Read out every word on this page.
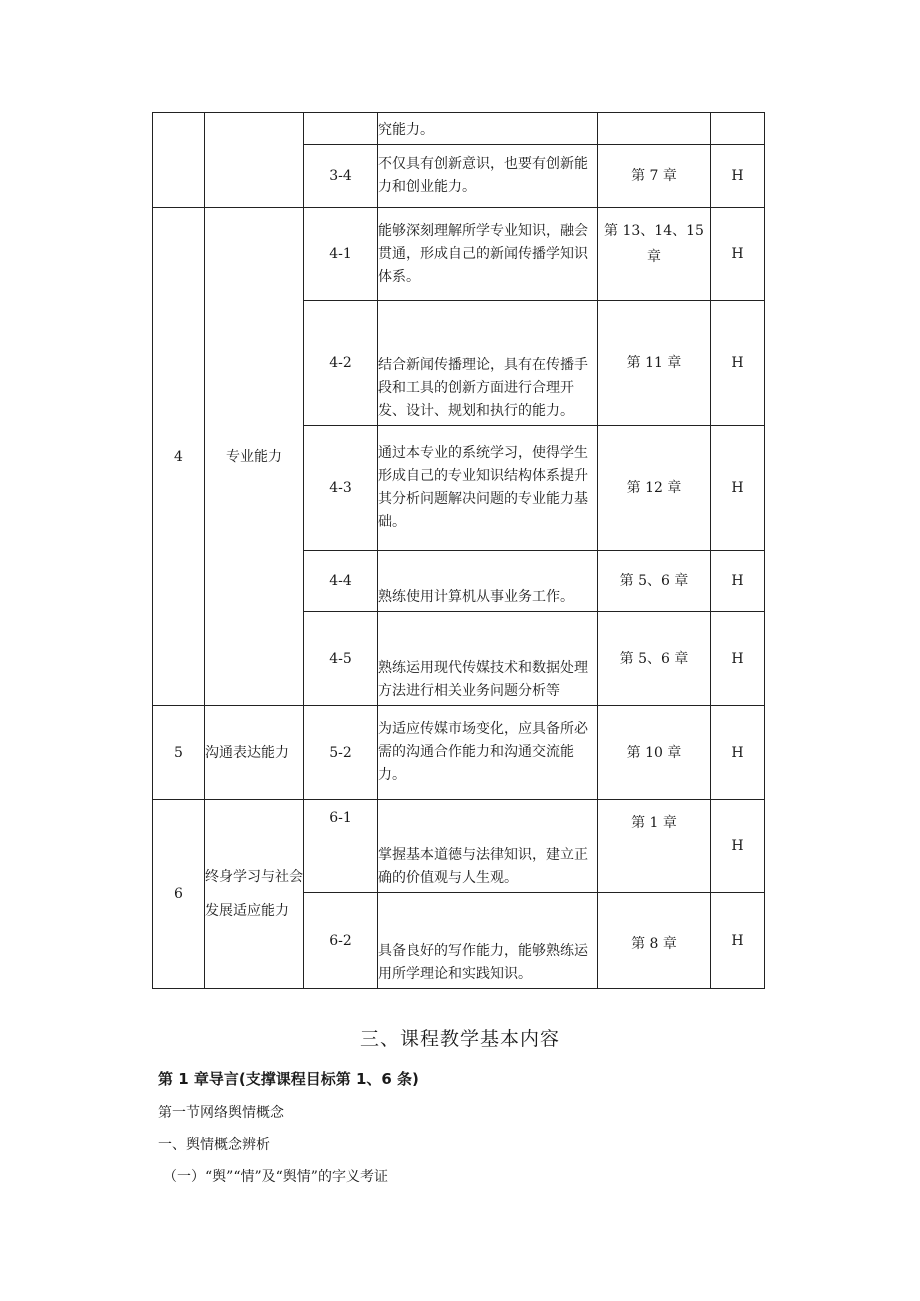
			究能力。		
		3-4	不仅具有创新意识，也要有创新能力和创业能力。	第 7 章	H
4	专业能力	4-1	能够深刻理解所学专业知识，融会贯通，形成自己的新闻传播学知识体系。	第 13、14、15 章	H
		4-2	结合新闻传播理论，具有在传播手段和工具的创新方面进行合理开发、设计、规划和执行的能力。	第 11 章	H
		4-3	通过本专业的系统学习，使得学生形成自己的专业知识结构体系提升其分析问题解决问题的专业能力基础。	第 12 章	H
		4-4	熟练使用计算机从事业务工作。	第 5、6 章	H
		4-5	熟练运用现代传媒技术和数据处理方法进行相关业务问题分析等	第 5、6 章	H
5	沟通表达能力	5-2	为适应传媒市场变化，应具备所必需的沟通合作能力和沟通交流能力。	第 10 章	H
6	终身学习与社会发展适应能力	6-1	掌握基本道德与法律知识，建立正确的价值观与人生观。	第 1 章	H
		6-2	具备良好的写作能力，能够熟练运用所学理论和实践知识。	第 8 章	H
三、课程教学基本内容
第 1 章导言(支撑课程目标第 1、6 条)
第一节网络舆情概念
一、舆情概念辨析
（一）“舆”“情”及“舆情”的字义考证
